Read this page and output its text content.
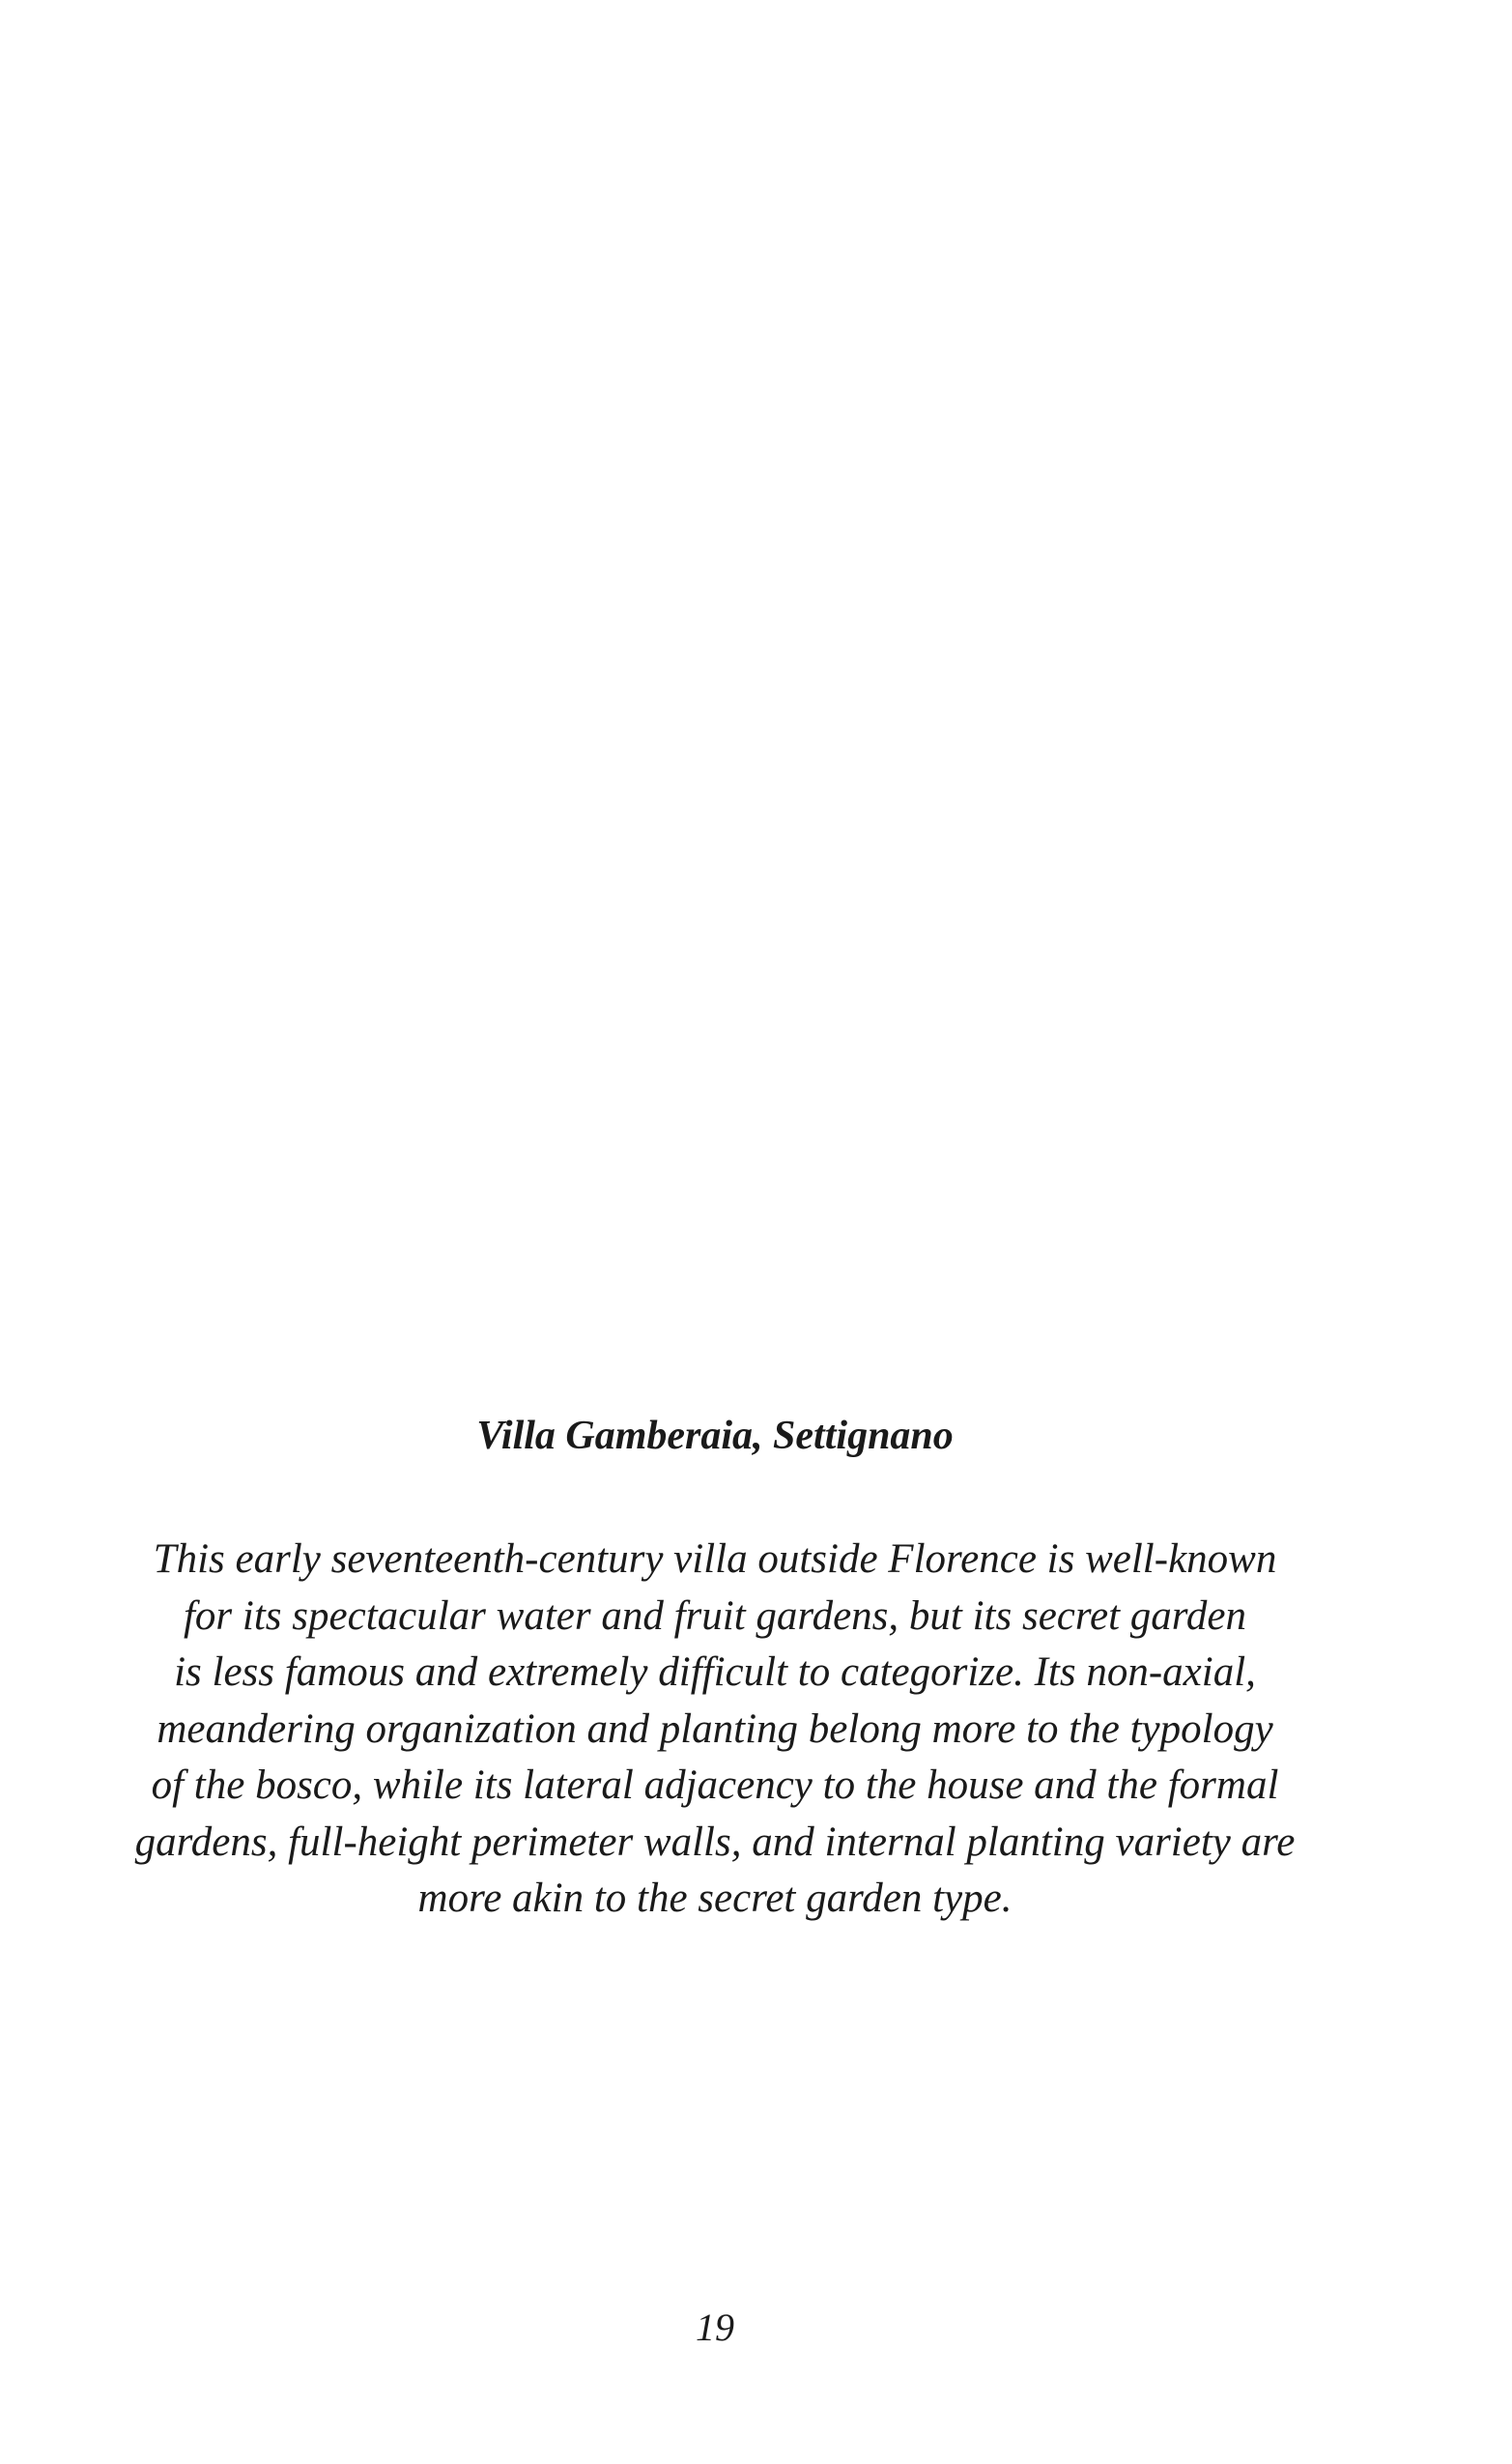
Villa Gamberaia, Settignano

This early seventeenth-century villa outside Florence is well-known
for its spectacular water and fruit gardens, but its secret garden
is less famous and extremely difficult to categorize. Its non-axial,
meandering organization and planting belong more to the typology
of the bosco, while its lateral adjacency to the house and the formal
gardens, full-height perimeter walls, and internal planting variety are
more akin to the secret garden type.

19
